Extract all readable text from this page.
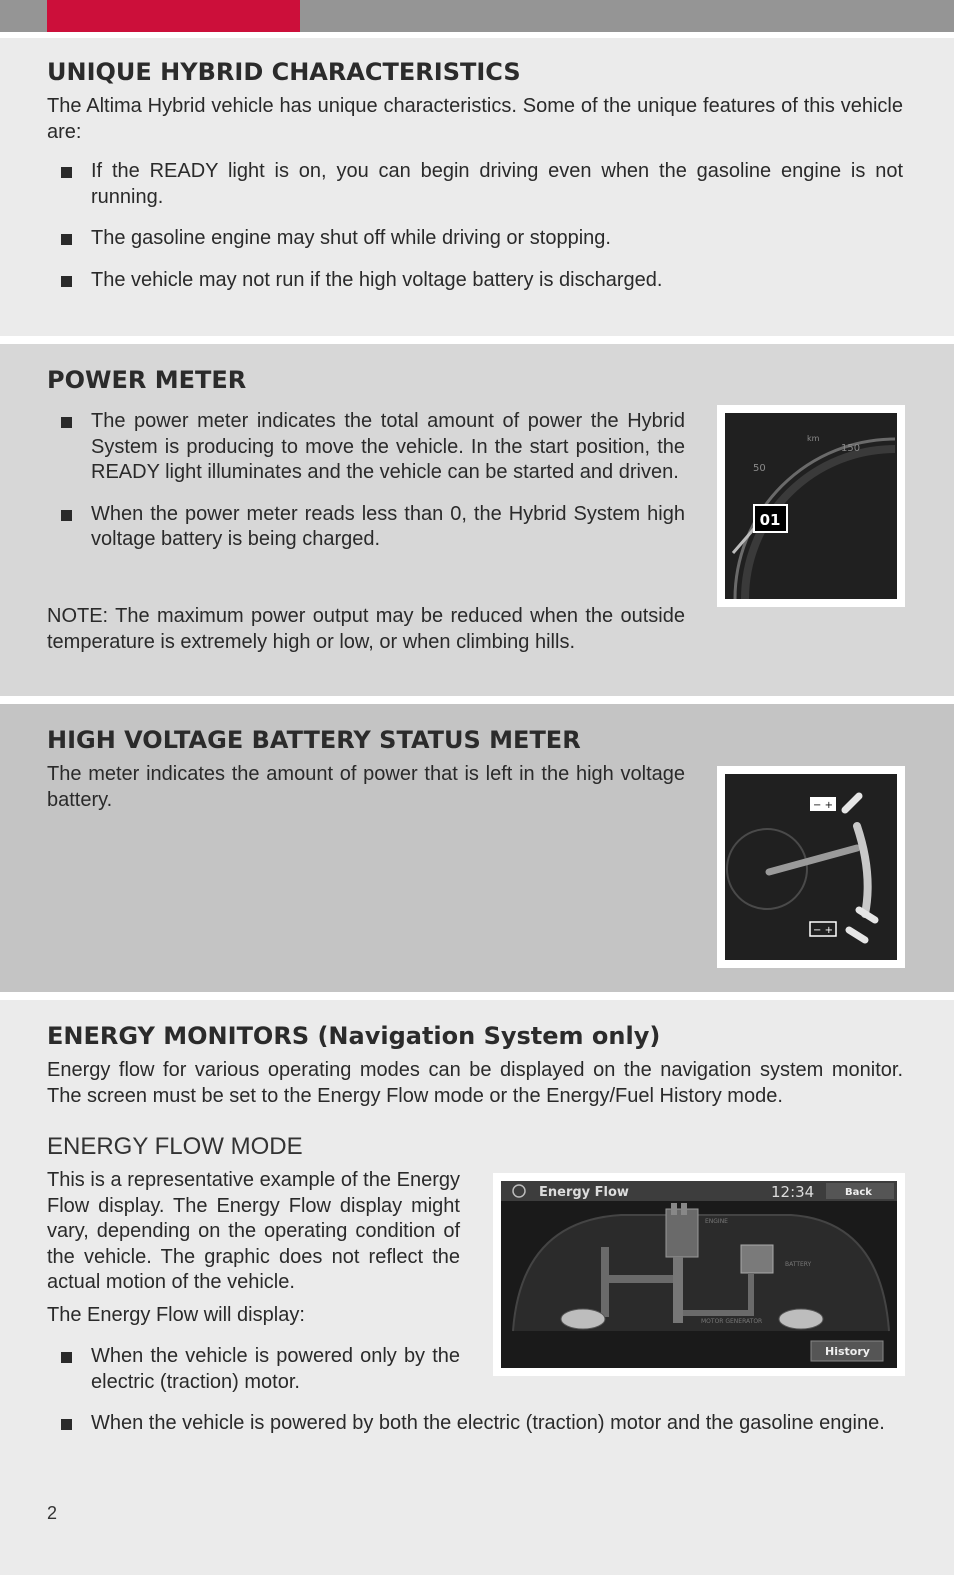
UNIQUE HYBRID CHARACTERISTICS

The Altima Hybrid vehicle has unique characteristics. Some of the unique features of this vehicle are:

If the READY light is on, you can begin driving even when the gasoline engine is not running.
The gasoline engine may shut off while driving or stopping.
The vehicle may not run if the high voltage battery is discharged.
POWER METER
The power meter indicates the total amount of power the Hybrid System is producing to move the vehicle. In the start position, the READY light illuminates and the vehicle can be started and driven.
When the power meter reads less than 0, the Hybrid System high voltage battery is being charged.

NOTE: The maximum power output may be reduced when the outside temperature is extremely high or low, or when climbing hills.

50
km
150
01
HIGH VOLTAGE BATTERY STATUS METER

The meter indicates the amount of power that is left in the high voltage battery.	− +
− +
ENERGY MONITORS (Navigation System only)

Energy flow for various operating modes can be displayed on the navigation system monitor. The screen must be set to the Energy Flow mode or the Energy/Fuel History mode.

ENERGY FLOW MODE

This is a representative example of the Energy Flow display. The Energy Flow display might vary, depending on the operating condition of the vehicle. The graphic does not reflect the actual motion of the vehicle.

The Energy Flow will display:

When the vehicle is powered only by the electric (traction) motor.
When the vehicle is powered by both the electric (traction) motor and the gasoline engine.
Energy Flow	12:34	Back
ENGINE
BATTERY
MOTOR GENERATOR
History
2
